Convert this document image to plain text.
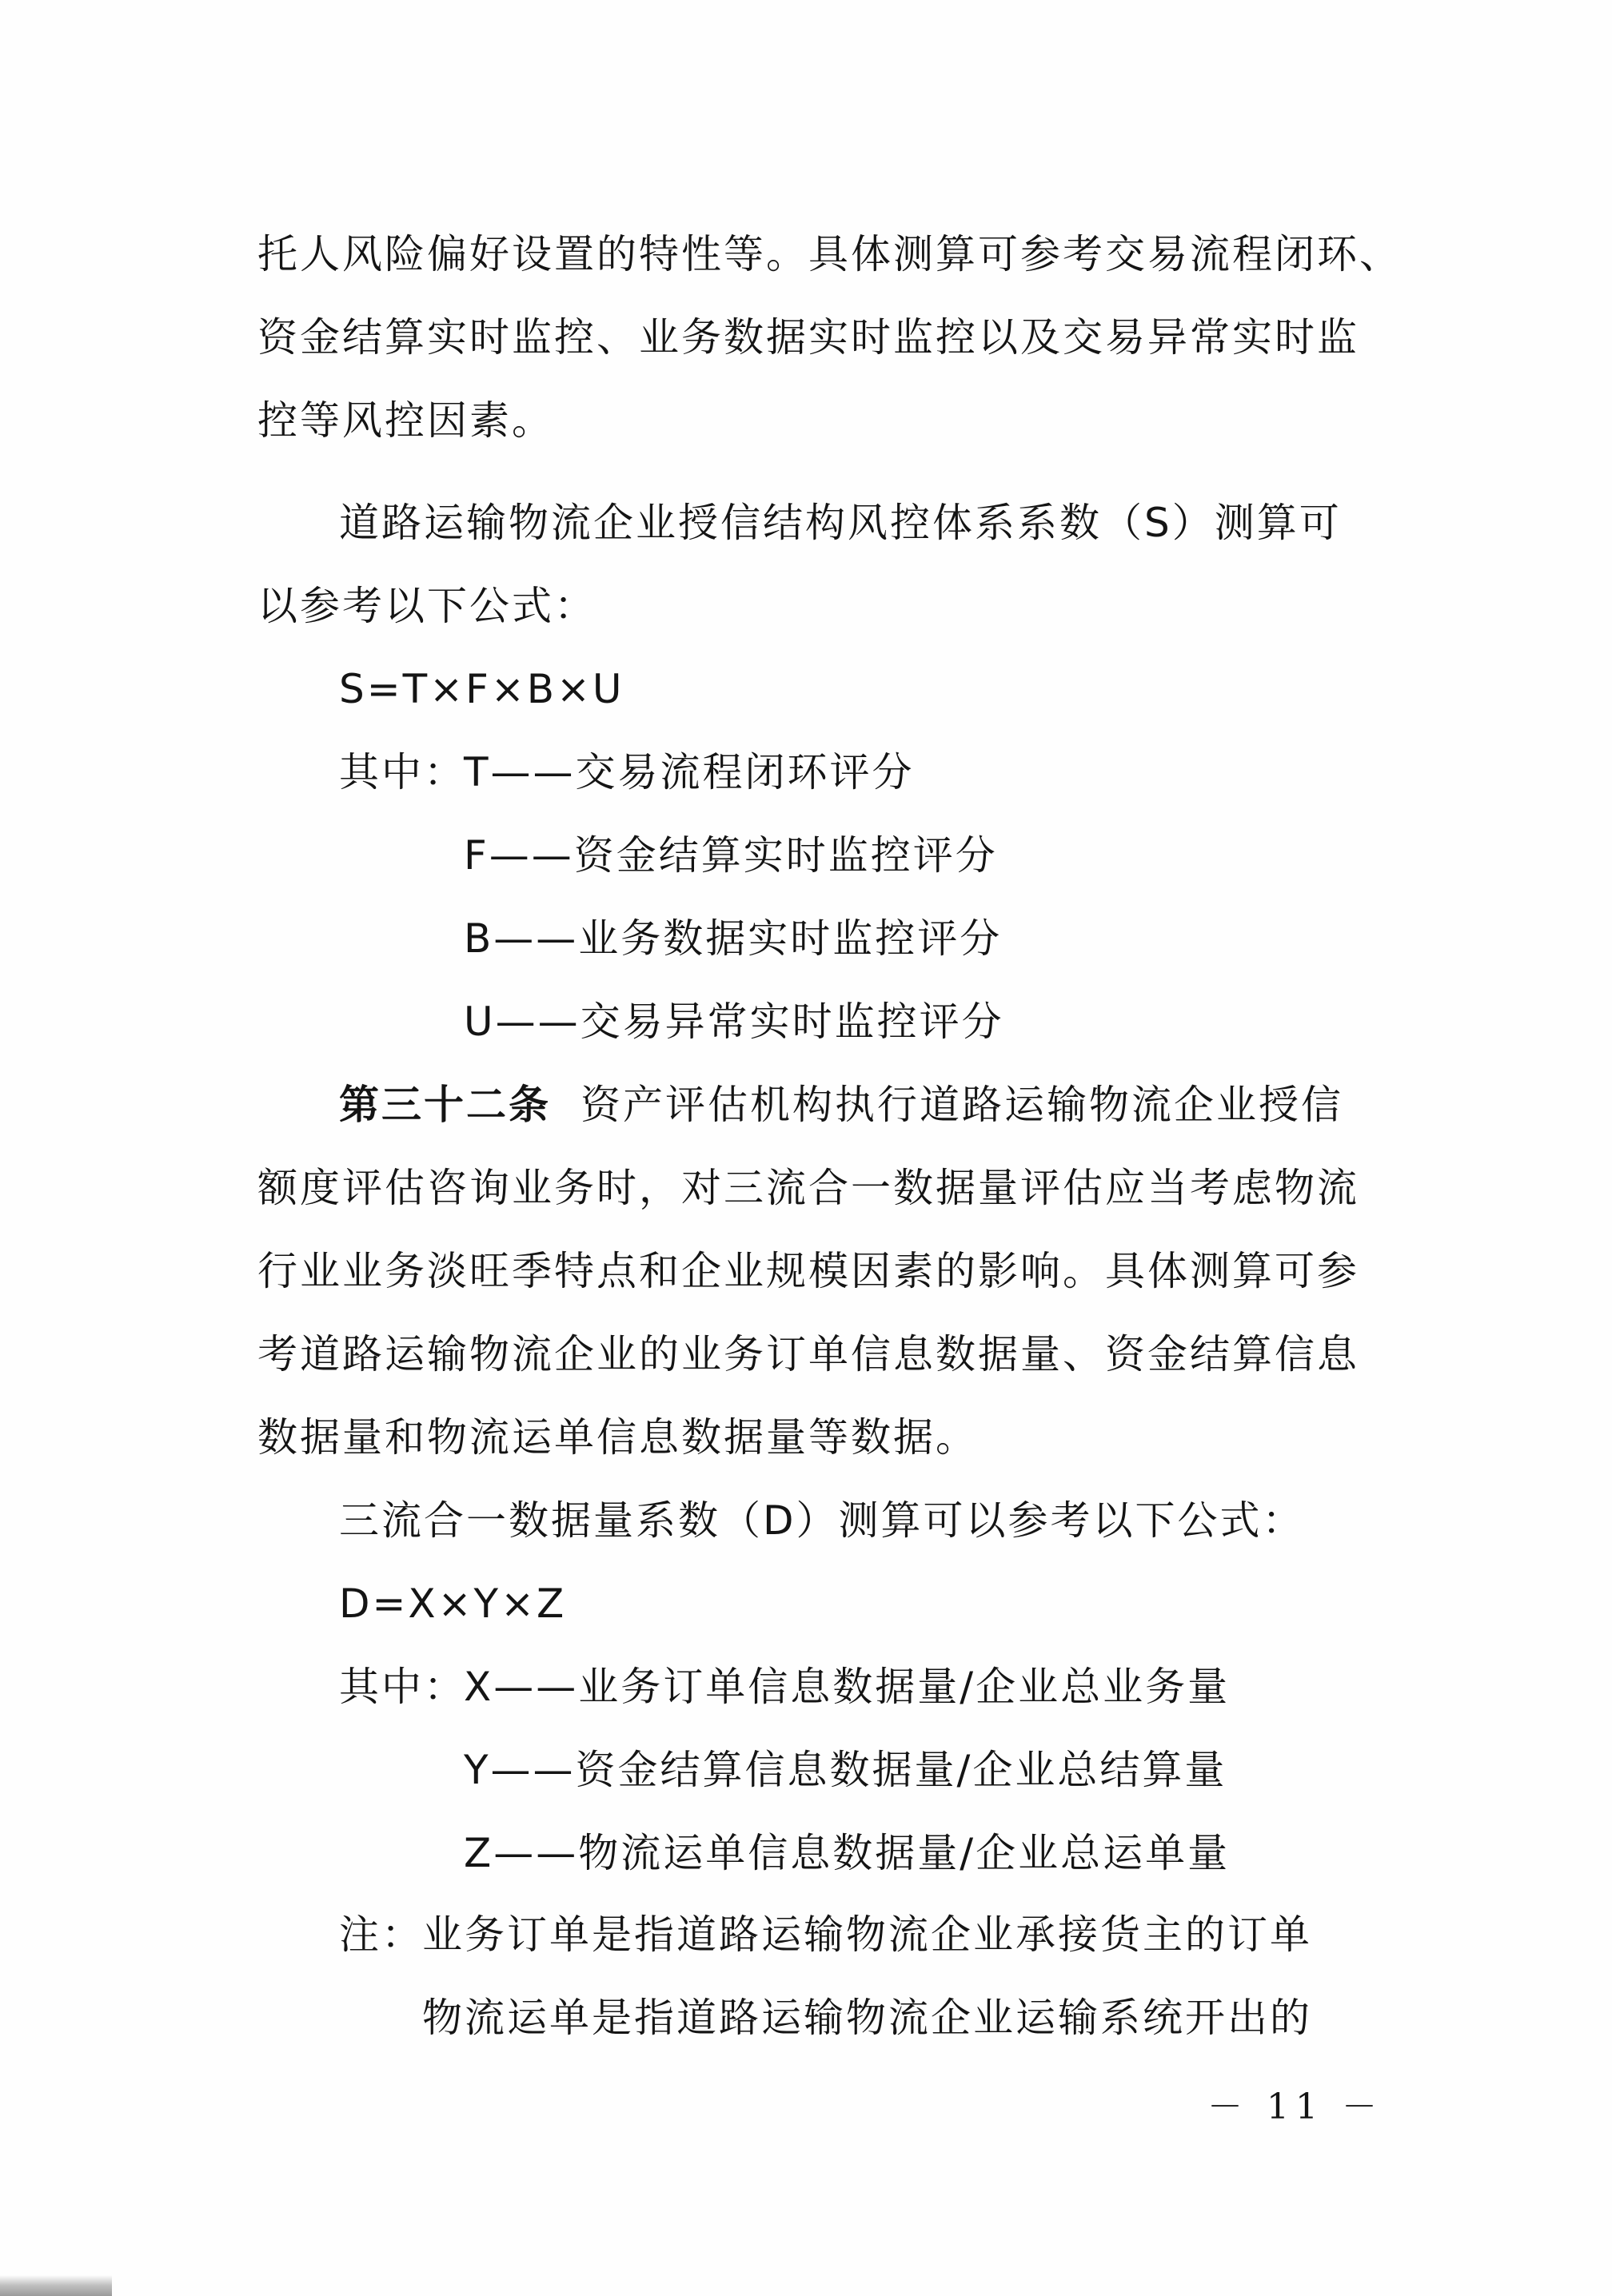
托人风险偏好设置的特性等。具体测算可参考交易流程闭环、

资金结算实时监控、业务数据实时监控以及交易异常实时监

控等风控因素。

道路运输物流企业授信结构风控体系系数（S）测算可

以参考以下公式：

S=T×F×B×U

其中：

T——交易流程闭环评分

F——资金结算实时监控评分

B——业务数据实时监控评分

U——交易异常实时监控评分

第三十二条 资产评估机构执行道路运输物流企业授信

额度评估咨询业务时，对三流合一数据量评估应当考虑物流

行业业务淡旺季特点和企业规模因素的影响。具体测算可参

考道路运输物流企业的业务订单信息数据量、资金结算信息

数据量和物流运单信息数据量等数据。

三流合一数据量系数（D）测算可以参考以下公式：

D=X×Y×Z

其中：

X——业务订单信息数据量/企业总业务量

Y——资金结算信息数据量/企业总结算量

Z——物流运单信息数据量/企业总运单量

注：

业务订单是指道路运输物流企业承接货主的订单

物流运单是指道路运输物流企业运输系统开出的

－ 11 －
